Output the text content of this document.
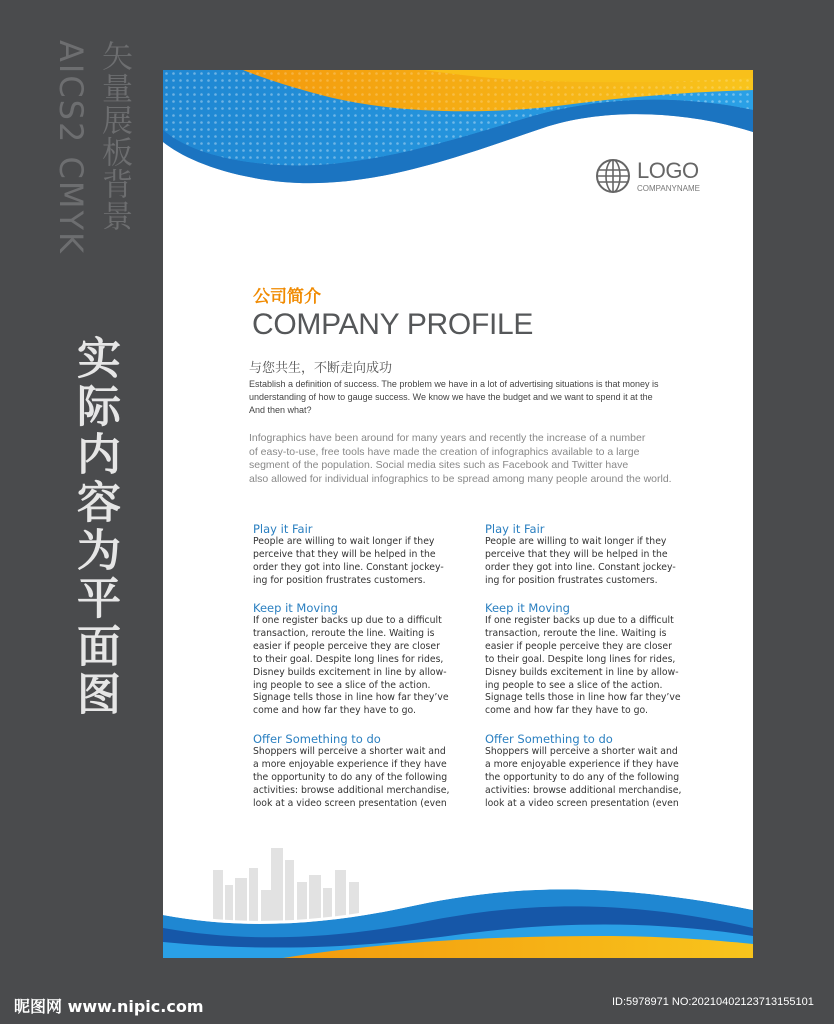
AICS2 CMYK 矢量展板背景
实际内容为平面图
LOGO
COMPANYNAME
公司简介
COMPANY PROFILE
与您共生，不断走向成功
Establish a definition of success. The problem we have in a lot of advertising situations is that money is
understanding of how to gauge success. We know we have the budget and we want to spend it at the
And then what?
Infographics have been around for many years and recently the increase of a number
of easy-to-use, free tools have made the creation of infographics available to a large
segment of the population. Social media sites such as Facebook and Twitter have
also allowed for individual infographics to be spread among many people around the world.
Play it Fair
People are willing to wait longer if they
perceive that they will be helped in the
order they got into line. Constant jockey-
ing for position frustrates customers.
Keep it Moving
If one register backs up due to a difficult
transaction, reroute the line. Waiting is
easier if people perceive they are closer
to their goal. Despite long lines for rides,
Disney builds excitement in line by allow-
ing people to see a slice of the action.
Signage tells those in line how far they’ve
come and how far they have to go.
Offer Something to do
Shoppers will perceive a shorter wait and
a more enjoyable experience if they have
the opportunity to do any of the following
activities: browse additional merchandise,
look at a video screen presentation (even
Play it Fair
People are willing to wait longer if they
perceive that they will be helped in the
order they got into line. Constant jockey-
ing for position frustrates customers.
Keep it Moving
If one register backs up due to a difficult
transaction, reroute the line. Waiting is
easier if people perceive they are closer
to their goal. Despite long lines for rides,
Disney builds excitement in line by allow-
ing people to see a slice of the action.
Signage tells those in line how far they’ve
come and how far they have to go.
Offer Something to do
Shoppers will perceive a shorter wait and
a more enjoyable experience if they have
the opportunity to do any of the following
activities: browse additional merchandise,
look at a video screen presentation (even
昵图网 www.nipic.com	ID:5978971 NO:20210402123713155101
